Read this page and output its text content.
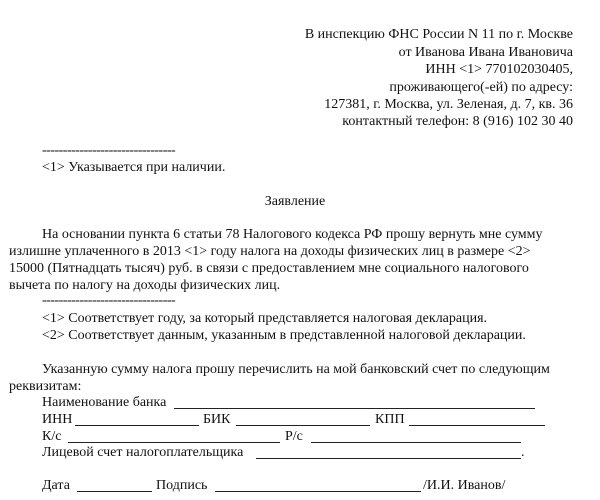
В инспекцию ФНС России N 11 по г. Москве
от Иванова Ивана Ивановича
ИНН <1> 770102030405,
проживающего(-ей) по адресу:
127381, г. Москва, ул. Зеленая, д. 7, кв. 36
контактный телефон: 8 (916) 102 30 40
--------------------------------
<1> Указывается при наличии.
Заявление
На основании пункта 6 статьи 78 Налогового кодекса РФ прошу вернуть мне сумму
излишне уплаченного в 2013 <1> году налога на доходы физических лиц в размере <2>
15000 (Пятнадцать тысяч) руб. в связи с предоставлением мне социального налогового
вычета по налогу на доходы физических лиц.
--------------------------------
<1> Соответствует году, за который представляется налоговая декларация.
<2> Соответствует данным, указанным в представленной налоговой декларации.
Указанную сумму налога прошу перечислить на мой банковский счет по следующим
реквизитам:
Наименование банка
ИНН	БИК	КПП
К/с	Р/с
Лицевой счет налогоплательщика	.
Дата	Подпись	/И.И. Иванов/
